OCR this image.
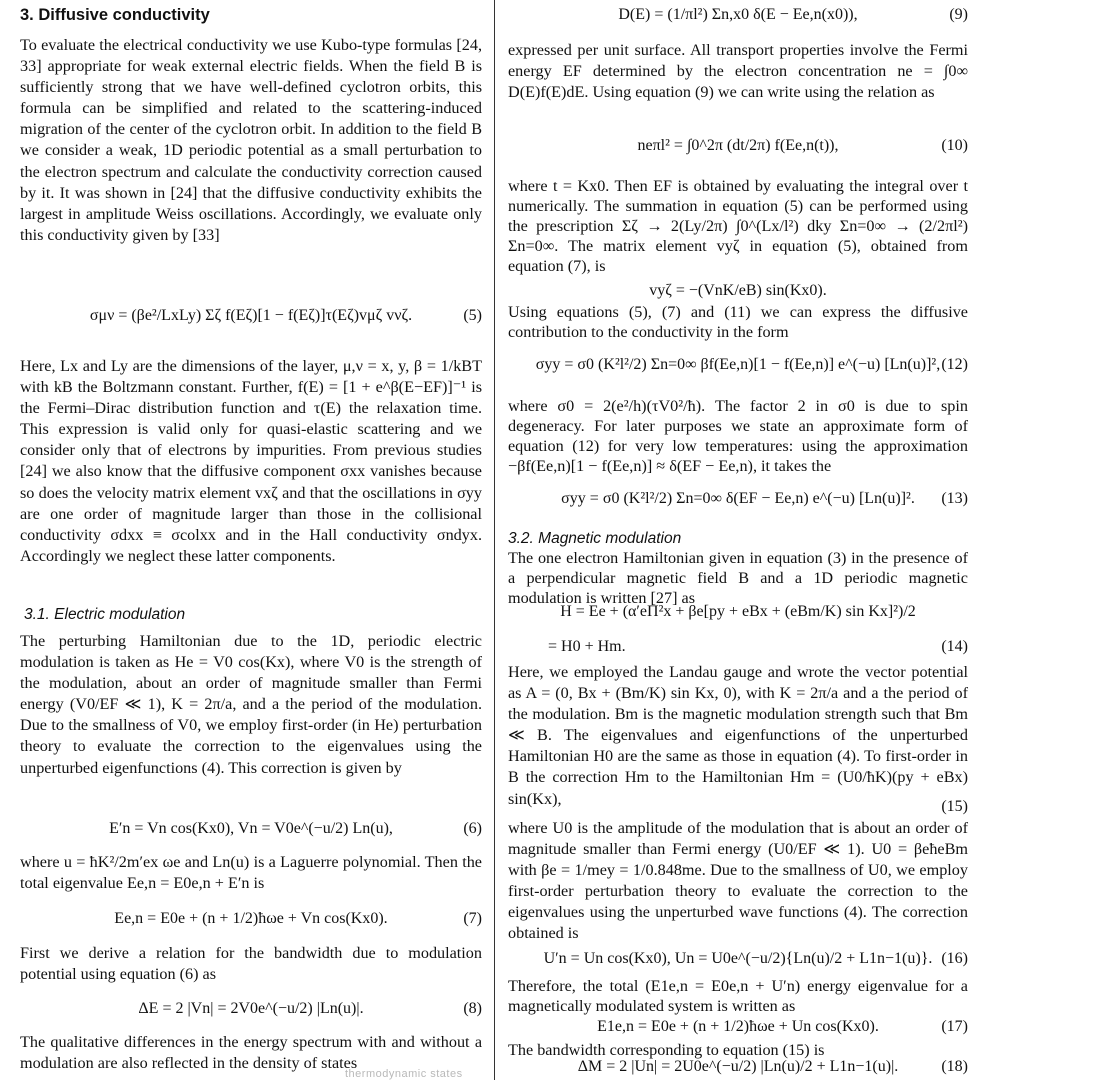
3. Diffusive conductivity
To evaluate the electrical conductivity we use Kubo-type formulas [24, 33] appropriate for weak external electric fields. When the field B is sufficiently strong that we have well-defined cyclotron orbits, this formula can be simplified and related to the scattering-induced migration of the center of the cyclotron orbit. In addition to the field B we consider a weak, 1D periodic potential as a small perturbation to the electron spectrum and calculate the conductivity correction caused by it. It was shown in [24] that the diffusive conductivity exhibits the largest in amplitude Weiss oscillations. Accordingly, we evaluate only this conductivity given by [33]
σμν = (βe²/LxLy) Σζ f(Eζ)[1 − f(Eζ)]τ(Eζ)vμζ vνζ.	(5)
Here, Lx and Ly are the dimensions of the layer, μ,ν = x, y, β = 1/kBT with kB the Boltzmann constant. Further, f(E) = [1 + e^β(E−EF)]⁻¹ is the Fermi–Dirac distribution function and τ(E) the relaxation time. This expression is valid only for quasi-elastic scattering and we consider only that of electrons by impurities. From previous studies [24] we also know that the diffusive component σxx vanishes because so does the velocity matrix element vxζ and that the oscillations in σyy are one order of magnitude larger than those in the collisional conductivity σdxx ≡ σcolxx and in the Hall conductivity σndyx. Accordingly we neglect these latter components.
3.1. Electric modulation
The perturbing Hamiltonian due to the 1D, periodic electric modulation is taken as He = V0 cos(Kx), where V0 is the strength of the modulation, about an order of magnitude smaller than Fermi energy (V0/EF ≪ 1), K = 2π/a, and a the period of the modulation. Due to the smallness of V0, we employ first-order (in He) perturbation theory to evaluate the correction to the eigenvalues using the unperturbed eigenfunctions (4). This correction is given by
E′n = Vn cos(Kx0), Vn = V0e^(−u/2) Ln(u),	(6)
where u = ħK²/2m′ex ωe and Ln(u) is a Laguerre polynomial. Then the total eigenvalue Ee,n = E0e,n + E′n is
Ee,n = E0e + (n + 1/2)ħωe + Vn cos(Kx0).	(7)
First we derive a relation for the bandwidth due to modulation potential using equation (6) as
ΔE = 2 |Vn| = 2V0e^(−u/2) |Ln(u)|.	(8)
The qualitative differences in the energy spectrum with and without a modulation are also reflected in the density of states
D(E) = (1/πl²) Σn,x0 δ(E − Ee,n(x0)),	(9)
expressed per unit surface. All transport properties involve the Fermi energy EF determined by the electron concentration ne = ∫0∞ D(E)f(E)dE. Using equation (9) we can write using the relation as
neπl² = ∫0^2π (dt/2π) f(Ee,n(t)),	(10)
where t = Kx0. Then EF is obtained by evaluating the integral over t numerically. The summation in equation (5) can be performed using the prescription Σζ → 2(Ly/2π) ∫0^(Lx/l²) dky Σn=0∞ → (2/2πl²) Σn=0∞. The matrix element vyζ in equation (5), obtained from equation (7), is
vyζ = −(VnK/eB) sin(Kx0).
Using equations (5), (7) and (11) we can express the diffusive contribution to the conductivity in the form
σyy = σ0 (K²l²/2) Σn=0∞ βf(Ee,n)[1 − f(Ee,n)] e^(−u) [Ln(u)]², (12)
where σ0 = 2(e²/h)(τV0²/ħ). The factor 2 in σ0 is due to spin degeneracy. For later purposes we state an approximate form of equation (12) for very low temperatures: using the approximation −βf(Ee,n)[1 − f(Ee,n)] ≈ δ(EF − Ee,n), it takes the
σyy = σ0 (K²l²/2) Σn=0∞ δ(EF − Ee,n) e^(−u) [Ln(u)]².	(13)
3.2. Magnetic modulation
The one electron Hamiltonian given in equation (3) in the presence of a perpendicular magnetic field B and a 1D periodic magnetic modulation is written [27] as
H = Ee + (α′eΠ²x + βe[py + eBx + (eBm/K) sin Kx]²)/2
= H0 + Hm.	(14)
Here, we employed the Landau gauge and wrote the vector potential as A = (0, Bx + (Bm/K) sin Kx, 0), with K = 2π/a and a the period of the modulation. Bm is the magnetic modulation strength such that Bm ≪ B. The eigenvalues and eigenfunctions of the unperturbed Hamiltonian H0 are the same as those in equation (4). To first-order in B the correction Hm to the Hamiltonian Hm = (U0/ħK)(py + eBx) sin(Kx),	(15)
where U0 is the amplitude of the modulation that is about an order of magnitude smaller than Fermi energy (U0/EF ≪ 1). U0 = βeħeBm with βe = 1/mey = 1/0.848me. Due to the smallness of U0, we employ first-order perturbation theory to evaluate the correction to the eigenvalues using the unperturbed wave functions (4). The correction obtained is
U′n = Un cos(Kx0), Un = U0e^(−u/2){Ln(u)/2 + L1n−1(u)}. (16)
Therefore, the total (E1e,n = E0e,n + U′n) energy eigenvalue for a magnetically modulated system is written as
E1e,n = E0e + (n + 1/2)ħωe + Un cos(Kx0).	(17)
The bandwidth corresponding to equation (15) is
ΔM = 2 |Un| = 2U0e^(−u/2) |Ln(u)/2 + L1n−1(u)|.	(18)
thermodynamic states
